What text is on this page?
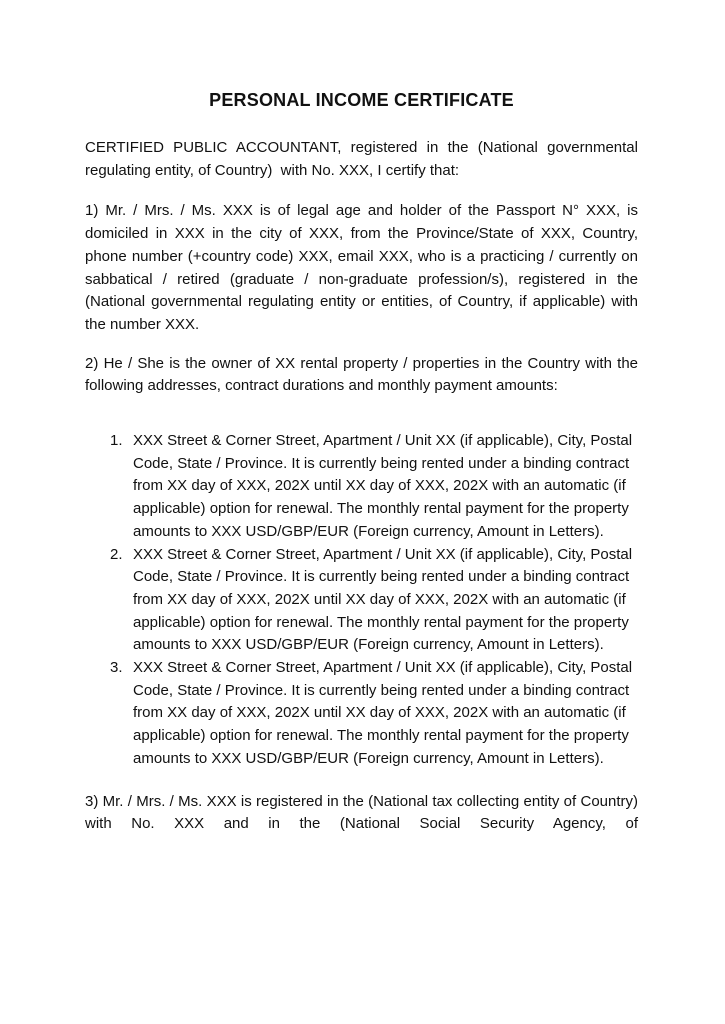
PERSONAL INCOME CERTIFICATE

CERTIFIED PUBLIC ACCOUNTANT, registered in the (National governmental regulating entity, of Country)  with No. XXX, I certify that:

1) Mr. / Mrs. / Ms. XXX is of legal age and holder of the Passport N° XXX, is domiciled in XXX in the city of XXX, from the Province/State of XXX, Country, phone number (+country code) XXX, email XXX, who is a practicing / currently on sabbatical / retired (graduate / non-graduate profession/s), registered in the (National governmental regulating entity or entities, of Country, if applicable) with the number XXX.

2) He / She is the owner of XX rental property / properties in the Country with the following addresses, contract durations and monthly payment amounts:

1. XXX Street & Corner Street, Apartment / Unit XX (if applicable), City, Postal Code, State / Province. It is currently being rented under a binding contract from XX day of XXX, 202X until XX day of XXX, 202X with an automatic (if applicable) option for renewal. The monthly rental payment for the property amounts to XXX USD/GBP/EUR (Foreign currency, Amount in Letters).
2. XXX Street & Corner Street, Apartment / Unit XX (if applicable), City, Postal Code, State / Province. It is currently being rented under a binding contract from XX day of XXX, 202X until XX day of XXX, 202X with an automatic (if applicable) option for renewal. The monthly rental payment for the property amounts to XXX USD/GBP/EUR (Foreign currency, Amount in Letters).
3. XXX Street & Corner Street, Apartment / Unit XX (if applicable), City, Postal Code, State / Province. It is currently being rented under a binding contract from XX day of XXX, 202X until XX day of XXX, 202X with an automatic (if applicable) option for renewal. The monthly rental payment for the property amounts to XXX USD/GBP/EUR (Foreign currency, Amount in Letters).

3) Mr. / Mrs. / Ms. XXX is registered in the (National tax collecting entity of Country) with No. XXX and in the (National Social Security Agency, of
